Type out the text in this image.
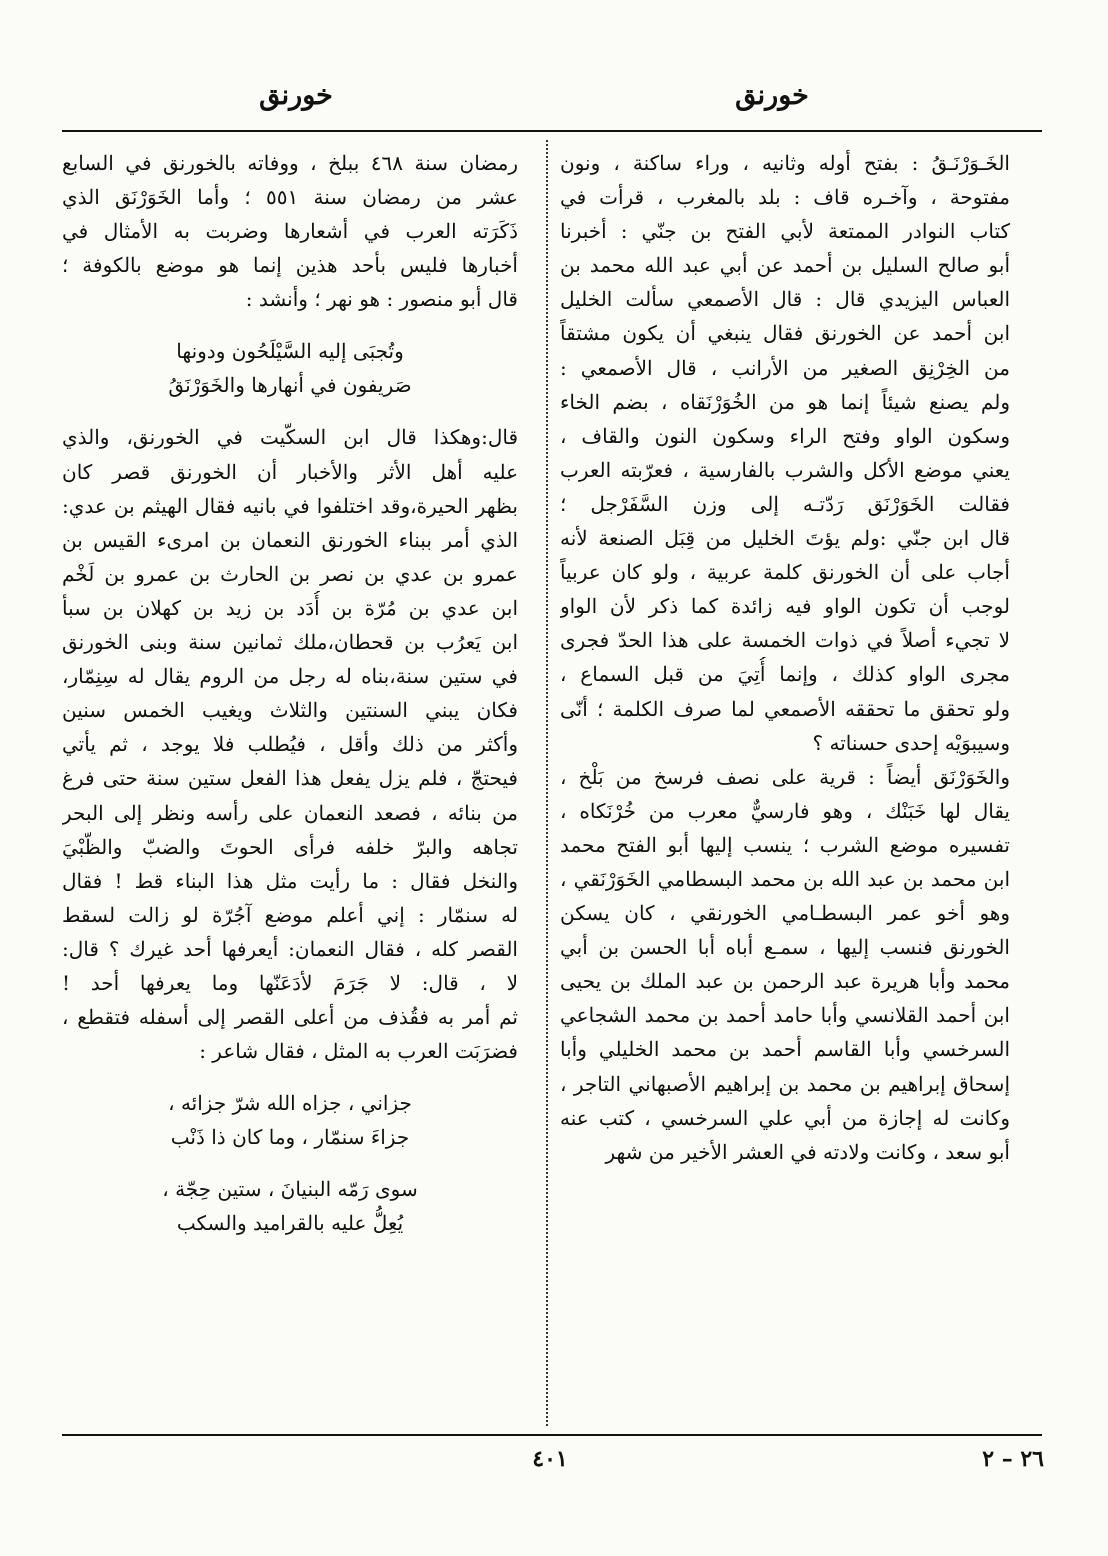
خورنق
خورنق
الخَـوَرْنَـقُ : بفتح أوله وثانيه ، وراء ساكنة ، ونون
مفتوحة ، وآخـره قاف : بلد بالمغرب ، قرأت في
كتاب النوادر الممتعة لأبي الفتح بن جنّي : أخبرنا
أبو صالح السليل بن أحمد عن أبي عبد الله محمد بن
العباس اليزيدي قال : قال الأصمعي سألت الخليل
ابن أحمد عن الخورنق فقال ينبغي أن يكون مشتقاً
من الخِرْنِق الصغير من الأرانب ، قال الأصمعي :
ولم يصنع شيئاً إنما هو من الخُوَرْنَقاه ، بضم الخاء
وسكون الواو وفتح الراء وسكون النون والقاف ،
يعني موضع الأكل والشرب بالفارسية ، فعرّبته العرب
فقالت الخَوَرْنَق رَدّتـه إلى وزن السَّفَرْجل ؛
قال ابن جنّي :ولم يؤتَ الخليل من قِبَل الصنعة لأنه
أجاب على أن الخورنق كلمة عربية ، ولو كان عربياً
لوجب أن تكون الواو فيه زائدة كما ذكر لأن الواو
لا تجيء أصلاً في ذوات الخمسة على هذا الحدّ فجرى
مجرى الواو كذلك ، وإنما أُتِيَ من قبل السماع ،
ولو تحقق ما تحققه الأصمعي لما صرف الكلمة ؛ أنّى
وسيبوَيْه إحدى حسناته ؟
والخَوَرْنَق أيضاً : قرية على نصف فرسخ من بَلْخ ،
يقال لها خَبَنْك ، وهو فارسيٌّ معرب من خُرْنَكاه ،
تفسيره موضع الشرب ؛ ينسب إليها أبو الفتح محمد
ابن محمد بن عبد الله بن محمد البسطامي الخَوَرْنَقي ،
وهو أخو عمر البسطـامي الخورنقي ، كان يسكن
الخورنق فنسب إليها ، سمـع أباه أبا الحسن بن أبي
محمد وأبا هريرة عبد الرحمن بن عبد الملك بن يحيى
ابن أحمد القلانسي وأبا حامد أحمد بن محمد الشجاعي
السرخسي وأبا القاسم أحمد بن محمد الخليلي وأبا
إسحاق إبراهيم بن محمد بن إبراهيم الأصبهاني التاجر ،
وكانت له إجازة من أبي علي السرخسي ، كتب عنه
أبو سعد ، وكانت ولادته في العشر الأخير من شهر
رمضان سنة ٤٦٨ ببلخ ، ووفاته بالخورنق في السابع
عشر من رمضان سنة ٥٥١ ؛ وأما الخَوَرْنَق الذي
ذَكَرَته العرب في أشعارها وضربت به الأمثال في
أخبارها فليس بأحد هذين إنما هو موضع بالكوفة ؛
قال أبو منصور : هو نهر ؛ وأنشد :
وتُجبَى إليه السَّيْلَحُون ودونها
صَريفون في أنهارها والخَوَرْنَقُ
قال:وهكذا قال ابن السكّيت في الخورنق، والذي
عليه أهل الأثر والأخبار أن الخورنق قصر كان
بظهر الحيرة،وقد اختلفوا في بانيه فقال الهيثم بن عدي:
الذي أمر ببناء الخورنق النعمان بن امرىء القيس بن
عمرو بن عدي بن نصر بن الحارث بن عمرو بن لَخْم
ابن عدي بن مُرّة بن أُدَد بن زيد بن كهلان بن سبأ
ابن يَعرُب بن قحطان،ملك ثمانين سنة وبنى الخورنق
في ستين سنة،بناه له رجل من الروم يقال له سِنِمّار،
فكان يبني السنتين والثلاث ويغيب الخمس سنين
وأكثر من ذلك وأقل ، فيُطلب فلا يوجد ، ثم يأتي
فيحتجّ ، فلم يزل يفعل هذا الفعل ستين سنة حتى فرغ
من بنائه ، فصعد النعمان على رأسه ونظر إلى البحر
تجاهه والبرّ خلفه فرأى الحوتَ والضبّ والظّبْيَ
والنخل فقال : ما رأيت مثل هذا البناء قط ! فقال
له سنمّار : إني أعلم موضع آجُرّة لو زالت لسقط
القصر كله ، فقال النعمان: أيعرفها أحد غيرك ؟ قال:
لا ، قال: لا جَرَمَ لأدَعَنّها وما يعرفها أحد !
ثم أمر به فقُذف من أعلى القصر إلى أسفله فتقطع ،
فضرَبَت العرب به المثل ، فقال شاعر :
جزاني ، جزاه الله شرّ جزائه ،
جزاءَ سنمّار ، وما كان ذا ذَنْب
سوى رَمّه البنيانَ ، ستين حِجّة ،
يُعِلُّ عليه بالقراميد والسكب
٤٠١	٢٦ – ٢
